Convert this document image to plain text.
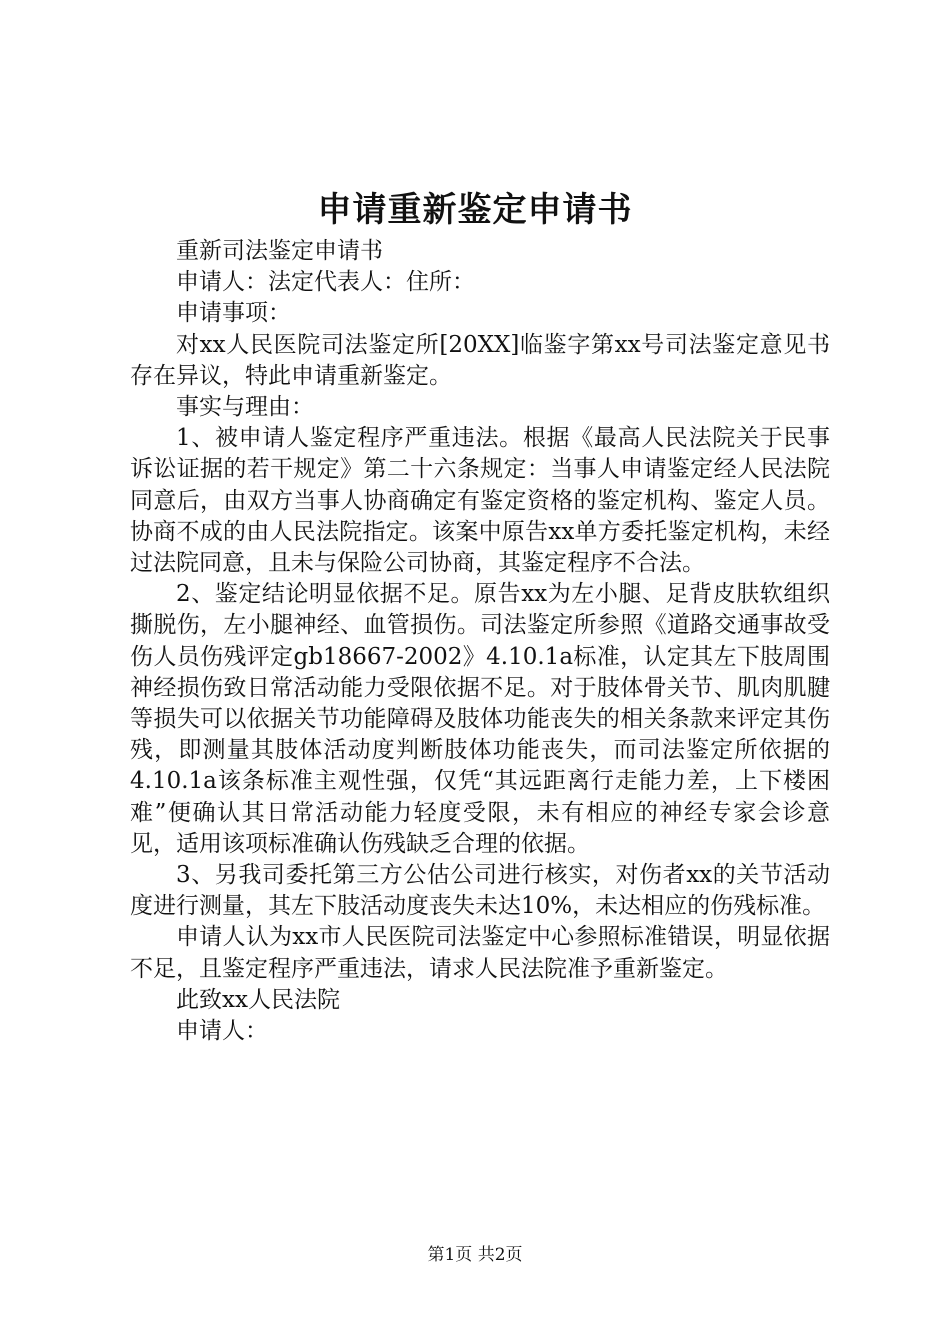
申请重新鉴定申请书

重新司法鉴定申请书

申请人：法定代表人：住所：

申请事项：

对xx人民医院司法鉴定所[20XX]临鉴字第xx号司法鉴定意见书存在异议，特此申请重新鉴定。

事实与理由：

1、被申请人鉴定程序严重违法。根据《最高人民法院关于民事诉讼证据的若干规定》第二十六条规定：当事人申请鉴定经人民法院同意后，由双方当事人协商确定有鉴定资格的鉴定机构、鉴定人员。协商不成的由人民法院指定。该案中原告xx单方委托鉴定机构，未经过法院同意，且未与保险公司协商，其鉴定程序不合法。

2、鉴定结论明显依据不足。原告xx为左小腿、足背皮肤软组织撕脱伤，左小腿神经、血管损伤。司法鉴定所参照《道路交通事故受伤人员伤残评定gb18667-2002》4.10.1a标准，认定其左下肢周围神经损伤致日常活动能力受限依据不足。对于肢体骨关节、肌肉肌腱等损失可以依据关节功能障碍及肢体功能丧失的相关条款来评定其伤残，即测量其肢体活动度判断肢体功能丧失，而司法鉴定所依据的4.10.1a该条标准主观性强，仅凭“其远距离行走能力差，上下楼困难”便确认其日常活动能力轻度受限，未有相应的神经专家会诊意见，适用该项标准确认伤残缺乏合理的依据。

3、另我司委托第三方公估公司进行核实，对伤者xx的关节活动度进行测量，其左下肢活动度丧失未达10%，未达相应的伤残标准。

申请人认为xx市人民医院司法鉴定中心参照标准错误，明显依据不足，且鉴定程序严重违法，请求人民法院准予重新鉴定。

此致xx人民法院

申请人：

第1页 共2页
